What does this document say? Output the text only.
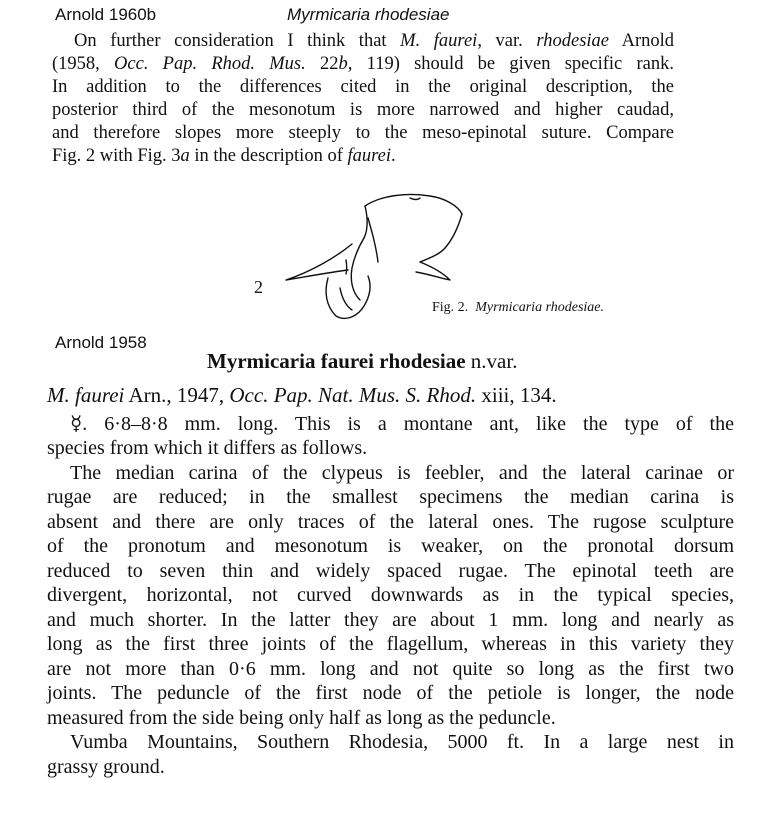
Arnold 1960b	Myrmicaria rhodesiae
On further consideration I think that M. faurei, var. rhodesiae Arnold
(1958, Occ. Pap. Rhod. Mus. 22b, 119) should be given specific rank.
In addition to the differences cited in the original description, the
posterior third of the mesonotum is more narrowed and higher caudad,
and therefore slopes more steeply to the meso-epinotal suture. Compare
Fig. 2 with Fig. 3a in the description of faurei.
2
Fig. 2. Myrmicaria rhodesiae.
Arnold 1958
Myrmicaria faurei rhodesiae n.var.
M. faurei Arn., 1947, Occ. Pap. Nat. Mus. S. Rhod. xiii, 134.
☿. 6·8–8·8 mm. long. This is a montane ant, like the type of the
species from which it differs as follows.
The median carina of the clypeus is feebler, and the lateral carinae or
rugae are reduced; in the smallest specimens the median carina is
absent and there are only traces of the lateral ones. The rugose sculpture
of the pronotum and mesonotum is weaker, on the pronotal dorsum
reduced to seven thin and widely spaced rugae. The epinotal teeth are
divergent, horizontal, not curved downwards as in the typical species,
and much shorter. In the latter they are about 1 mm. long and nearly as
long as the first three joints of the flagellum, whereas in this variety they
are not more than 0·6 mm. long and not quite so long as the first two
joints. The peduncle of the first node of the petiole is longer, the node
measured from the side being only half as long as the peduncle.
Vumba Mountains, Southern Rhodesia, 5000 ft. In a large nest in
grassy ground.
